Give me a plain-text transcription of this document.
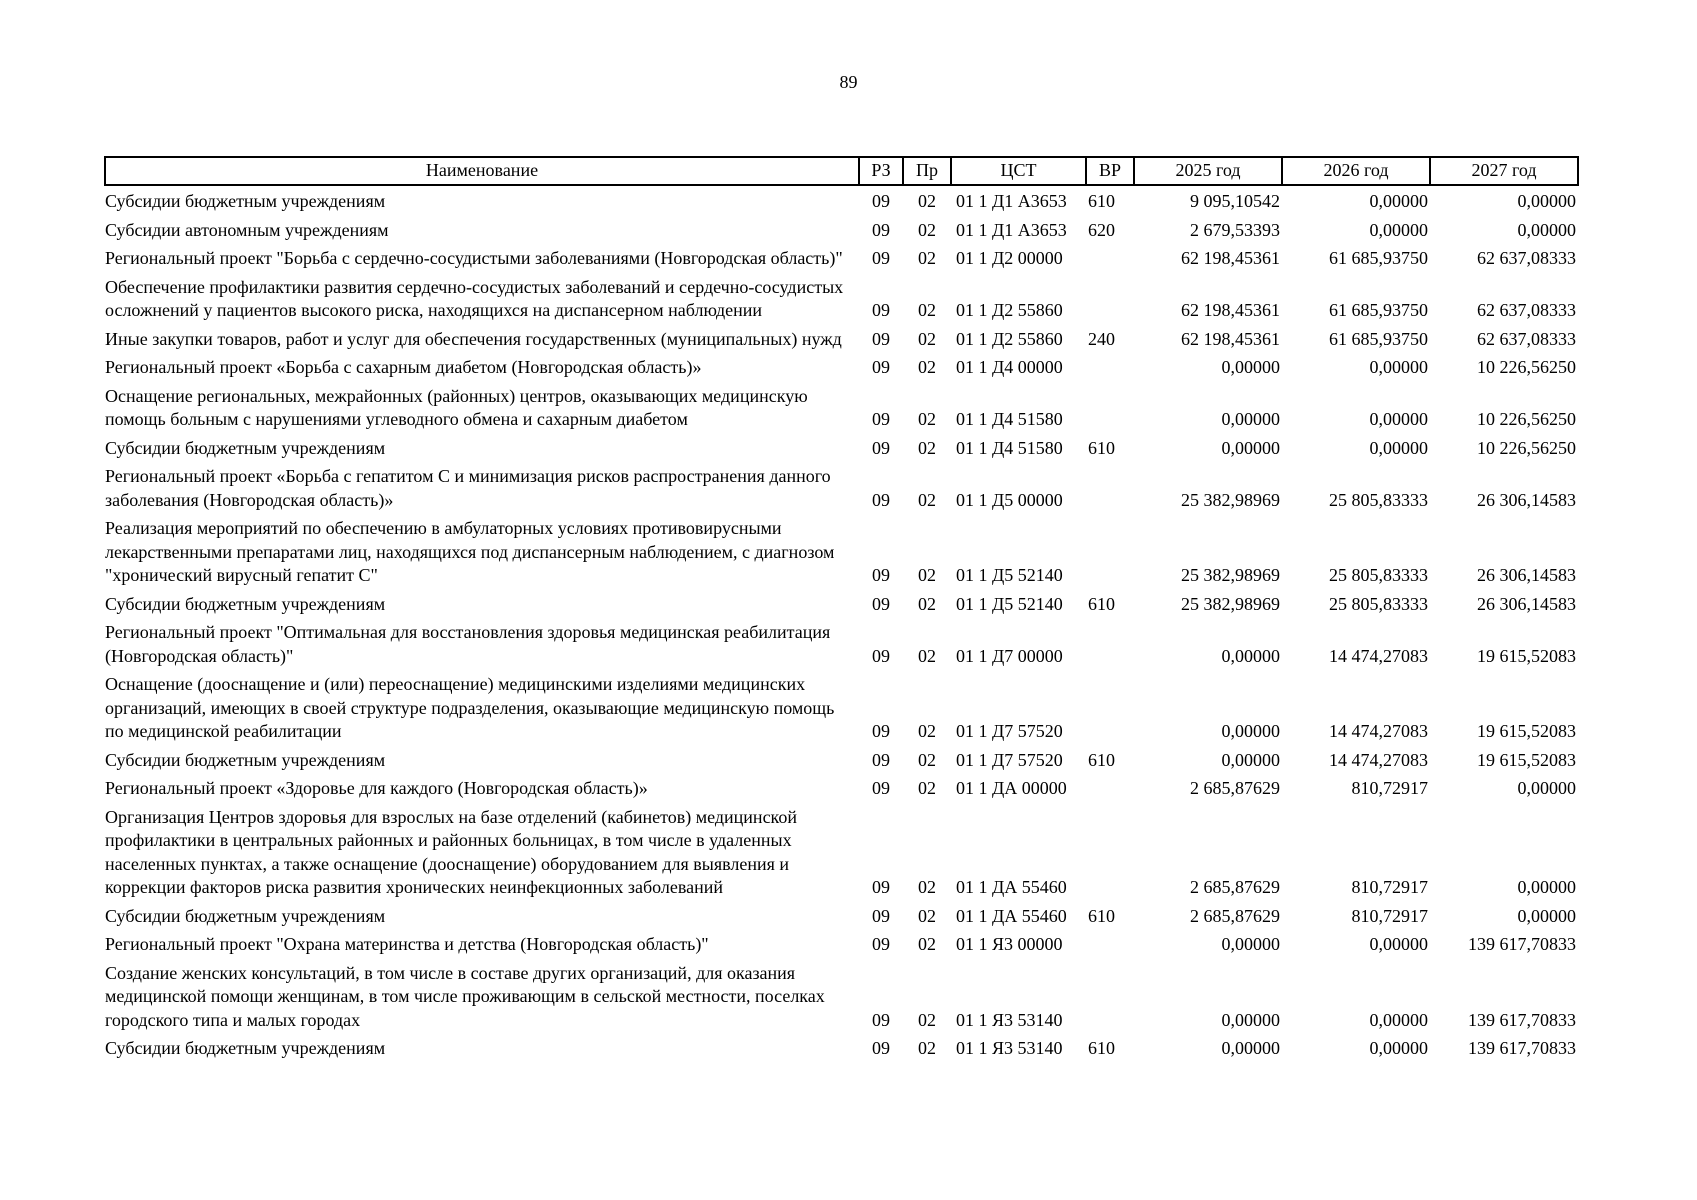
89
Наименование	РЗ	Пр	ЦСТ	ВР	2025 год	2026 год	2027 год
Субсидии бюджетным учреждениям	09	02	01 1 Д1 А3653	610	9 095,10542	0,00000	0,00000
Субсидии автономным учреждениям	09	02	01 1 Д1 А3653	620	2 679,53393	0,00000	0,00000
Региональный проект "Борьба с сердечно-сосудистыми заболеваниями (Новгородская область)"	09	02	01 1 Д2 00000		62 198,45361	61 685,93750	62 637,08333
Обеспечение профилактики развития сердечно-сосудистых заболеваний и сердечно-сосудистых осложнений у пациентов высокого риска, находящихся на диспансерном наблюдении	09	02	01 1 Д2 55860		62 198,45361	61 685,93750	62 637,08333
Иные закупки товаров, работ и услуг для обеспечения государственных (муниципальных) нужд	09	02	01 1 Д2 55860	240	62 198,45361	61 685,93750	62 637,08333
Региональный проект «Борьба с сахарным диабетом (Новгородская область)»	09	02	01 1 Д4 00000		0,00000	0,00000	10 226,56250
Оснащение региональных, межрайонных (районных) центров, оказывающих медицинскую помощь больным с нарушениями углеводного обмена и сахарным диабетом	09	02	01 1 Д4 51580		0,00000	0,00000	10 226,56250
Субсидии бюджетным учреждениям	09	02	01 1 Д4 51580	610	0,00000	0,00000	10 226,56250
Региональный проект «Борьба с гепатитом С и минимизация рисков распространения данного заболевания (Новгородская область)»	09	02	01 1 Д5 00000		25 382,98969	25 805,83333	26 306,14583
Реализация мероприятий по обеспечению в амбулаторных условиях противовирусными лекарственными препаратами лиц, находящихся под диспансерным наблюдением, с диагнозом "хронический вирусный гепатит С"	09	02	01 1 Д5 52140		25 382,98969	25 805,83333	26 306,14583
Субсидии бюджетным учреждениям	09	02	01 1 Д5 52140	610	25 382,98969	25 805,83333	26 306,14583
Региональный проект "Оптимальная для восстановления здоровья медицинская реабилитация (Новгородская область)"	09	02	01 1 Д7 00000		0,00000	14 474,27083	19 615,52083
Оснащение (дооснащение и (или) переоснащение) медицинскими изделиями медицинских организаций, имеющих в своей структуре подразделения, оказывающие медицинскую помощь по медицинской реабилитации	09	02	01 1 Д7 57520		0,00000	14 474,27083	19 615,52083
Субсидии бюджетным учреждениям	09	02	01 1 Д7 57520	610	0,00000	14 474,27083	19 615,52083
Региональный проект «Здоровье для каждого (Новгородская область)»	09	02	01 1 ДА 00000		2 685,87629	810,72917	0,00000
Организация Центров здоровья для взрослых на базе отделений (кабинетов) медицинской профилактики в центральных районных и районных больницах, в том числе в удаленных населенных пунктах, а также оснащение (дооснащение) оборудованием для выявления и коррекции факторов риска развития хронических неинфекционных заболеваний	09	02	01 1 ДА 55460		2 685,87629	810,72917	0,00000
Субсидии бюджетным учреждениям	09	02	01 1 ДА 55460	610	2 685,87629	810,72917	0,00000
Региональный проект "Охрана материнства и детства (Новгородская область)"	09	02	01 1 Я3 00000		0,00000	0,00000	139 617,70833
Создание женских консультаций, в том числе в составе других организаций, для оказания медицинской помощи женщинам, в том числе проживающим в сельской местности, поселках городского типа и малых городах	09	02	01 1 Я3 53140		0,00000	0,00000	139 617,70833
Субсидии бюджетным учреждениям	09	02	01 1 Я3 53140	610	0,00000	0,00000	139 617,70833
